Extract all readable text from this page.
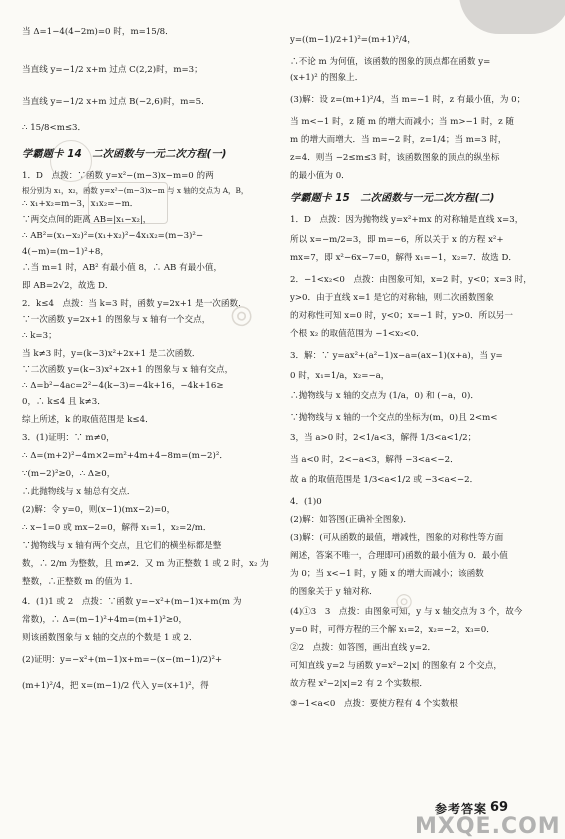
当 Δ=1−4(4−2m)=0 时，m=15/8．
当直线 y=−1/2 x+m 过点 C(2,2)时，m=3；
当直线 y=−1/2 x+m 过点 B(−2,6)时，m=5．
∴ 15/8<m≤3．
学霸题卡 14　二次函数与一元二次方程(一)
1．D　点拨：∵函数 y=x²−(m−3)x−m=0 的两
根分别为 x₁，x₂，函数 y=x²−(m−3)x−m 与 x 轴的交点为 A，B，
∴ x₁+x₂=m−3，x₁x₂=−m．
∵两交点间的距离 AB=|x₁−x₂|，
∴ AB²=(x₁−x₂)²=(x₁+x₂)²−4x₁x₂=(m−3)²−
4(−m)=(m−1)²+8，
∴当 m=1 时，AB² 有最小值 8，∴ AB 有最小值，
即 AB=2√2，故选 D．
2．k≤4　点拨：当 k=3 时，函数 y=2x+1 是一次函数．
∵一次函数 y=2x+1 的图象与 x 轴有一个交点，
∴ k=3；
当 k≠3 时，y=(k−3)x²+2x+1 是二次函数．
∵二次函数 y=(k−3)x²+2x+1 的图象与 x 轴有交点，
∴ Δ=b²−4ac=2²−4(k−3)=−4k+16，−4k+16≥
0，∴ k≤4 且 k≠3．
综上所述，k 的取值范围是 k≤4．
3．(1)证明：∵ m≠0，
∴ Δ=(m+2)²−4m×2=m²+4m+4−8m=(m−2)²．
∵(m−2)²≥0，∴ Δ≥0，
∴此抛物线与 x 轴总有交点．
(2)解：令 y=0，则(x−1)(mx−2)=0，
∴ x−1=0 或 mx−2=0，解得 x₁=1，x₂=2/m．
∵抛物线与 x 轴有两个交点，且它们的横坐标都是整
数，∴ 2/m 为整数，且 m≠2．又 m 为正整数 1 或 2 时，x₂ 为
整数，∴正整数 m 的值为 1．
4．(1)1 或 2　点拨：∵函数 y=−x²+(m−1)x+m(m 为
常数)，∴ Δ=(m−1)²+4m=(m+1)²≥0，
则该函数图象与 x 轴的交点的个数是 1 或 2．
(2)证明：y=−x²+(m−1)x+m=−(x−(m−1)/2)²+
(m+1)²/4，把 x=(m−1)/2 代入 y=(x+1)²，得
y=((m−1)/2+1)²=(m+1)²/4，
∴不论 m 为何值，该函数的图象的顶点都在函数 y=
(x+1)² 的图象上．
(3)解：设 z=(m+1)²/4，当 m=−1 时，z 有最小值，为 0；
当 m<−1 时，z 随 m 的增大而减小；当 m>−1 时，z 随
m 的增大而增大．当 m=−2 时，z=1/4；当 m=3 时，
z=4．则当 −2≤m≤3 时，该函数图象的顶点的纵坐标
的最小值为 0．
学霸题卡 15　二次函数与一元二次方程(二)
1．D　点拨：因为抛物线 y=x²+mx 的对称轴是直线 x=3，
所以 x=−m/2=3，即 m=−6，所以关于 x 的方程 x²+
mx=7，即 x²−6x−7=0，解得 x₁=−1，x₂=7．故选 D．
2．−1<x₂<0　点拨：由图象可知，x=2 时，y<0；x=3 时，
y>0．由于直线 x=1 是它的对称轴，则二次函数图象
的对称性可知 x=0 时，y<0；x=−1 时，y>0．所以另一
个根 x₂ 的取值范围为 −1<x₂<0．
3．解：∵ y=ax²+(a²−1)x−a=(ax−1)(x+a)，当 y=
0 时，x₁=1/a，x₂=−a，
∴抛物线与 x 轴的交点为 (1/a，0) 和 (−a，0)．
∵抛物线与 x 轴的一个交点的坐标为(m，0)且 2<m<
3，当 a>0 时，2<1/a<3，解得 1/3<a<1/2；
当 a<0 时，2<−a<3，解得 −3<a<−2．
故 a 的取值范围是 1/3<a<1/2 或 −3<a<−2．
4．(1)0
(2)解：如答图(正确补全图象)．
(3)解：(可从函数的最值，增减性，图象的对称性等方面
阐述，答案不唯一，合理即可)函数的最小值为 0．最小值
为 0；当 x<−1 时，y 随 x 的增大而减小；该函数
的图象关于 y 轴对称．
(4)①3　3　点拨：由图象可知，y 与 x 轴交点为 3 个，故今
y=0 时，可得方程的三个解 x₁=2，x₂=−2，x₃=0．
②2　点拨：如答图，画出直线 y=2．
可知直线 y=2 与函数 y=x²−2|x| 的图象有 2 个交点，
故方程 x²−2|x|=2 有 2 个实数根．
③−1<a<0　点拨：要使方程有 4 个实数根
◎
◎
参考答案 69
MXQE.COM
